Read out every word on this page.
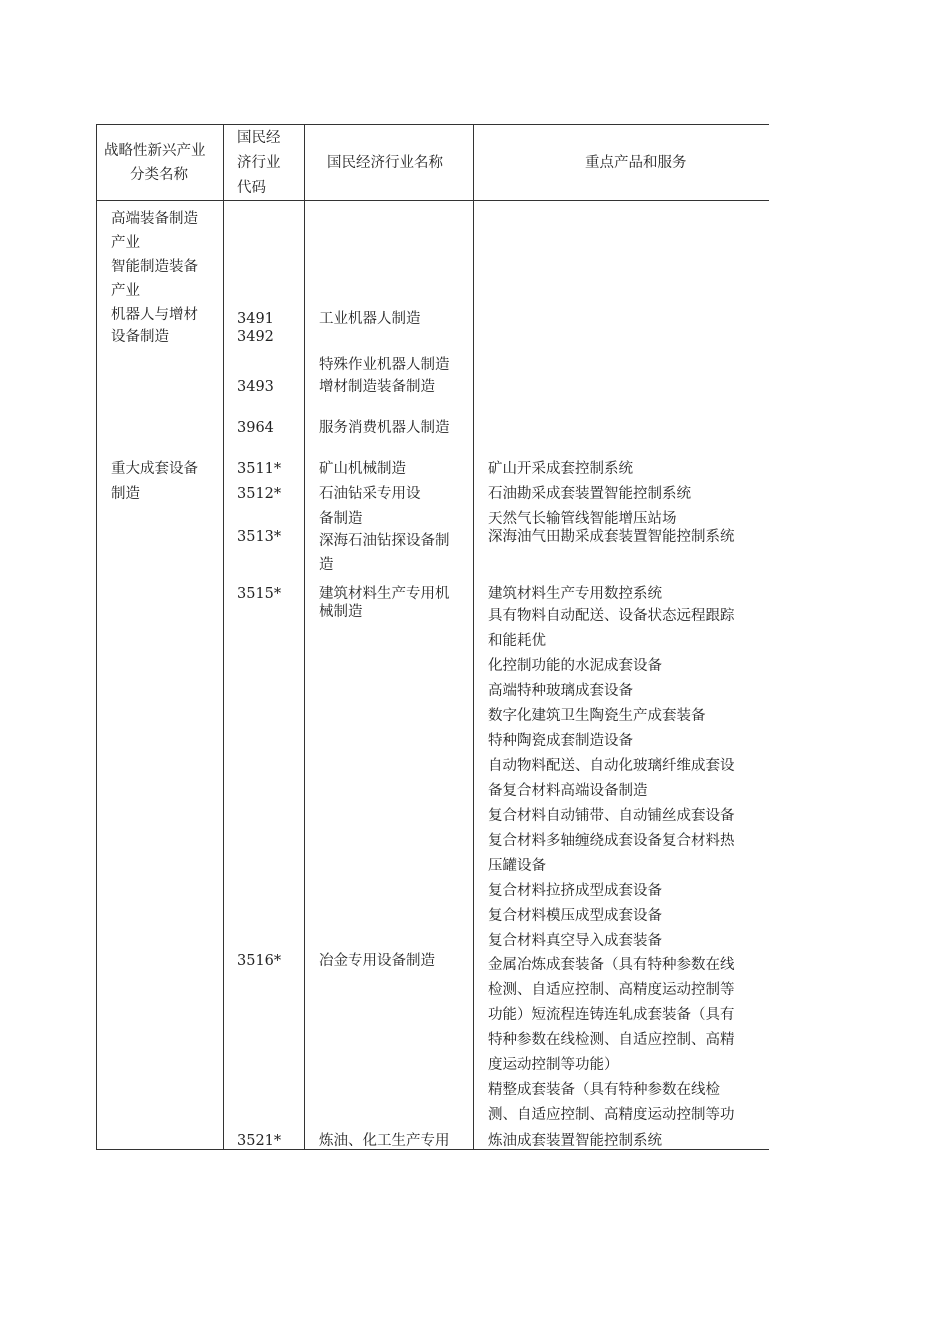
战略性新兴产业
分类名称
国民经
济行业
代码
国民经济行业名称	重点产品和服务
高端装备制造
产业
智能制造装备
产业
机器人与增材
设备制造
重大成套设备
制造
3491
3492
3493
3964
3511*
3512*
3513*
3515*
3516*
3521*
工业机器人制造
特殊作业机器人制造
增材制造装备制造
服务消费机器人制造
矿山机械制造
石油钻采专用设
备制造
深海石油钻探设备制
造
建筑材料生产专用机
械制造
冶金专用设备制造
炼油、化工生产专用
矿山开采成套控制系统
石油勘采成套装置智能控制系统
天然气长输管线智能增压站场
深海油气田勘采成套装置智能控制系统
建筑材料生产专用数控系统
具有物料自动配送、设备状态远程跟踪
和能耗优
化控制功能的水泥成套设备
高端特种玻璃成套设备
数字化建筑卫生陶瓷生产成套装备
特种陶瓷成套制造设备
自动物料配送、自动化玻璃纤维成套设
备复合材料高端设备制造
复合材料自动铺带、自动铺丝成套设备
复合材料多轴缠绕成套设备复合材料热
压罐设备
复合材料拉挤成型成套设备
复合材料模压成型成套设备
复合材料真空导入成套装备
金属冶炼成套装备（具有特种参数在线
检测、自适应控制、高精度运动控制等
功能）短流程连铸连轧成套装备（具有
特种参数在线检测、自适应控制、高精
度运动控制等功能）
精整成套装备（具有特种参数在线检
测、自适应控制、高精度运动控制等功
炼油成套装置智能控制系统
